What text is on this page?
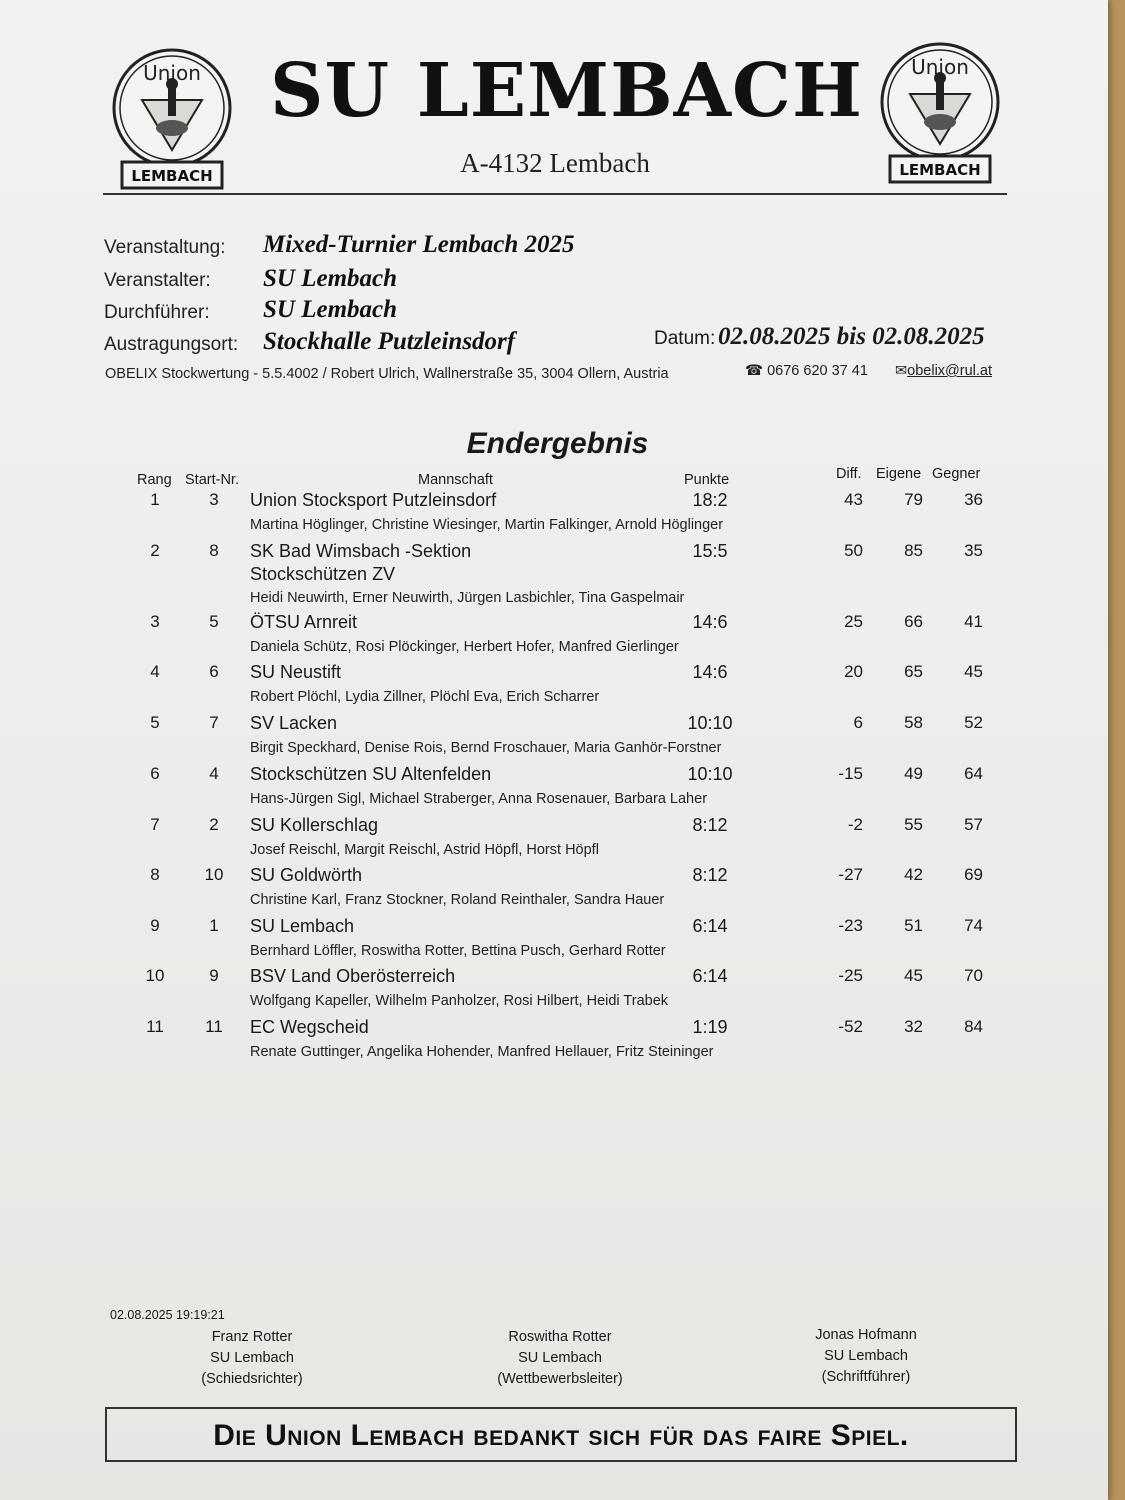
Union
LEMBACH
SU LEMBACH
A-4132 Lembach
Union
LEMBACH
Veranstaltung: Mixed-Turnier Lembach 2025
Veranstalter: SU Lembach
Durchführer: SU Lembach
Austragungsort: Stockhalle Putzleinsdorf	Datum: 02.08.2025 bis 02.08.2025
OBELIX Stockwertung - 5.5.4002 / Robert Ulrich, Wallnerstraße 35, 3004 Ollern, Austria	☎ 0676 620 37 41 ✉obelix@rul.at
Endergebnis
Rang Start-Nr.	Mannschaft	Punkte	Diff. Eigene Gegner
1	3	Union Stocksport Putzleinsdorf	18:2	43	79	36
Martina Höglinger, Christine Wiesinger, Martin Falkinger, Arnold Höglinger
2	8	SK Bad Wimsbach -Sektion	15:5	50	85	35
Stockschützen ZV
Heidi Neuwirth, Erner Neuwirth, Jürgen Lasbichler, Tina Gaspelmair
3	5	ÖTSU Arnreit	14:6	25	66	41
Daniela Schütz, Rosi Plöckinger, Herbert Hofer, Manfred Gierlinger
4	6	SU Neustift	14:6	20	65	45
Robert Plöchl, Lydia Zillner, Plöchl Eva, Erich Scharrer
5	7	SV Lacken	10:10	6	58	52
Birgit Speckhard, Denise Rois, Bernd Froschauer, Maria Ganhör-Forstner
6	4	Stockschützen SU Altenfelden	10:10	-15	49	64
Hans-Jürgen Sigl, Michael Straberger, Anna Rosenauer, Barbara Laher
7	2	SU Kollerschlag	8:12	-2	55	57
Josef Reischl, Margit Reischl, Astrid Höpfl, Horst Höpfl
8	10	SU Goldwörth	8:12	-27	42	69
Christine Karl, Franz Stockner, Roland Reinthaler, Sandra Hauer
9	1	SU Lembach	6:14	-23	51	74
Bernhard Löffler, Roswitha Rotter, Bettina Pusch, Gerhard Rotter
10	9	BSV Land Oberösterreich	6:14	-25	45	70
Wolfgang Kapeller, Wilhelm Panholzer, Rosi Hilbert, Heidi Trabek
11	11	EC Wegscheid	1:19	-52	32	84
Renate Guttinger, Angelika Hohender, Manfred Hellauer, Fritz Steininger
02.08.2025 19:19:21
Franz Rotter
SU Lembach
(Schiedsrichter)
Roswitha Rotter
SU Lembach
(Wettbewerbsleiter)
Jonas Hofmann
SU Lembach
(Schriftführer)
Die Union Lembach bedankt sich für das faire Spiel.
